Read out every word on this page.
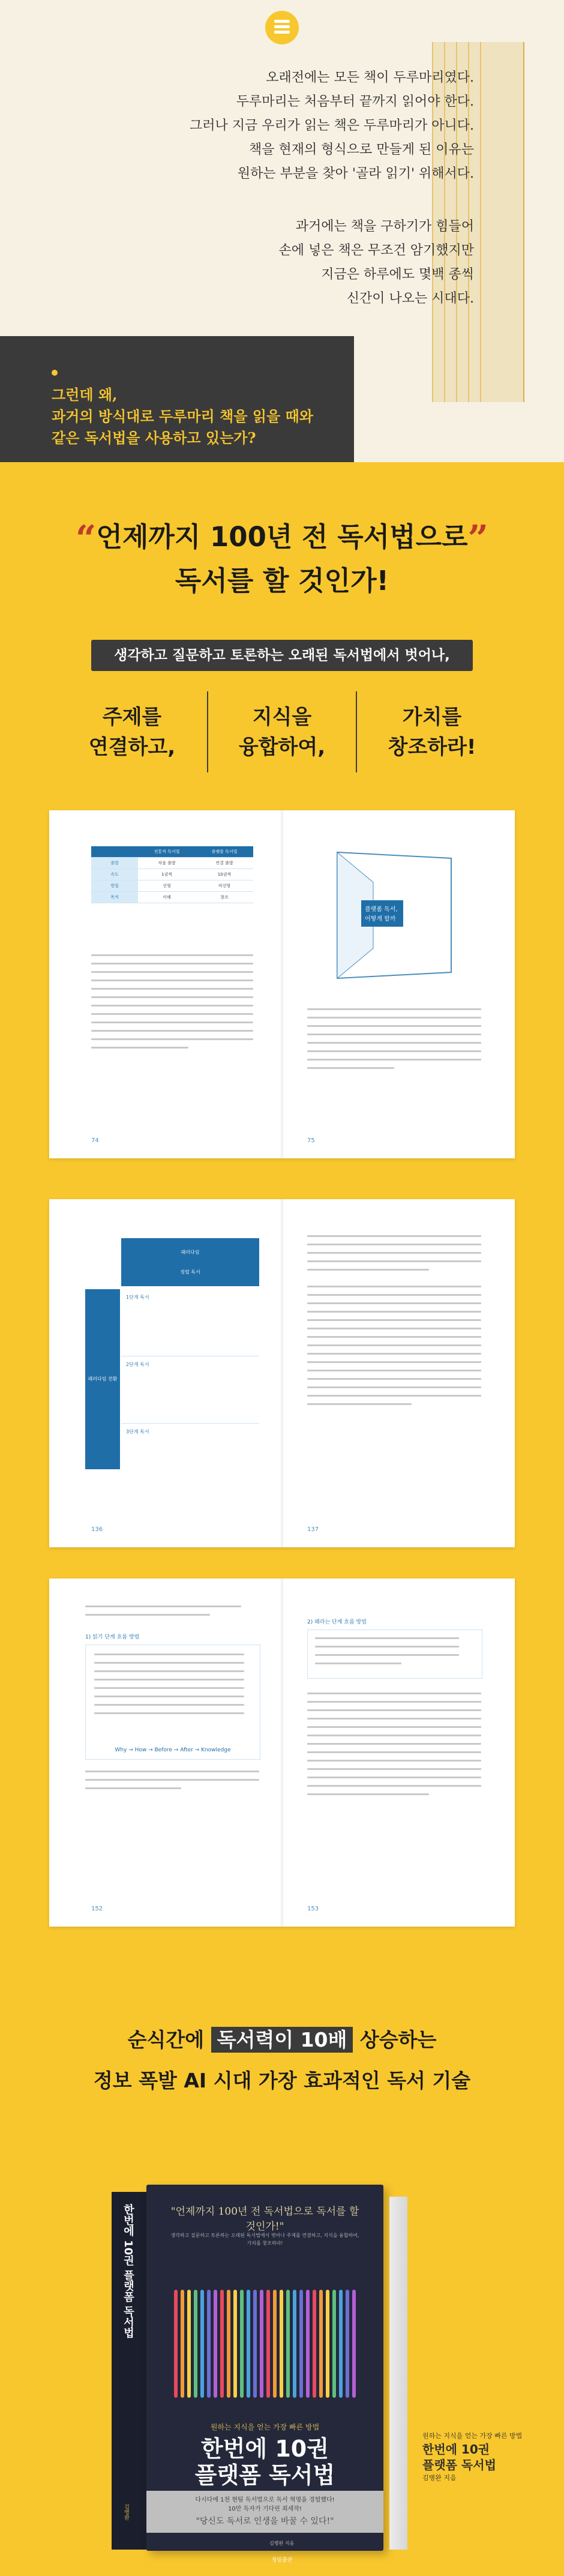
오래전에는 모든 책이 두루마리였다.

두루마리는 처음부터 끝까지 읽어야 한다.

그러나 지금 우리가 읽는 책은 두루마리가 아니다.

책을 현재의 형식으로 만들게 된 이유는

원하는 부분을 찾아 '골라 읽기' 위해서다.

과거에는 책을 구하기가 힘들어

손에 넣은 책은 무조건 암기했지만

지금은 하루에도 몇백 종씩

신간이 나오는 시대다.

그런데 왜,

과거의 방식대로 두루마리 책을 읽을 때와

같은 독서법을 사용하고 있는가?

“언제까지 100년 전 독서법으로”
독서를 할 것인가!
생각하고 질문하고 토론하는 오래된 독서법에서 벗어나,
주제를
연결하고,
지식을
융합하여,
가치를
창조하라!
	전통적 독서법	플랫폼 독서법
출발	처음 출발	연결 출발
속도	1권씩	10권씩
방법	선형	비선형
목적	이해	창조
플랫폼 독서,
어떻게 할까
74	75
패러다임
정렬 독서
패러다임 전환
1단계 독서
2단계 독서
3단계 독서
136	137
1) 읽기 단계 흐름 방법
Why → How → Before → After → Knowledge
2) 왜라는 단계 흐름 방법
152	153
순식간에 독서력이 10배 상승하는
정보 폭발 AI 시대 가장 효과적인 독서 기술
한번에 10권 플랫폼 독서법
김병완
"언제까지 100년 전 독서법으로 독서를 할 것인가!"
생각하고 질문하고 토론하는 오래된 독서법에서 벗어나 주제를 연결하고, 지식을 융합하여, 가치를 창조하라!
원하는 지식을 얻는 가장 빠른 방법
한번에 10권
플랫폼 독서법
다시다에 1천 현팀 독서법으로 독서 혁명을 경험했다!
10만 독자가 기다린 최세작!
"당신도 독서로 인생을 바꿀 수 있다!"
김병완 지음
원하는 지식을 얻는 가장 빠른 방법
한번에 10권
플랫폼 독서법
김병완 지음
청림출판
